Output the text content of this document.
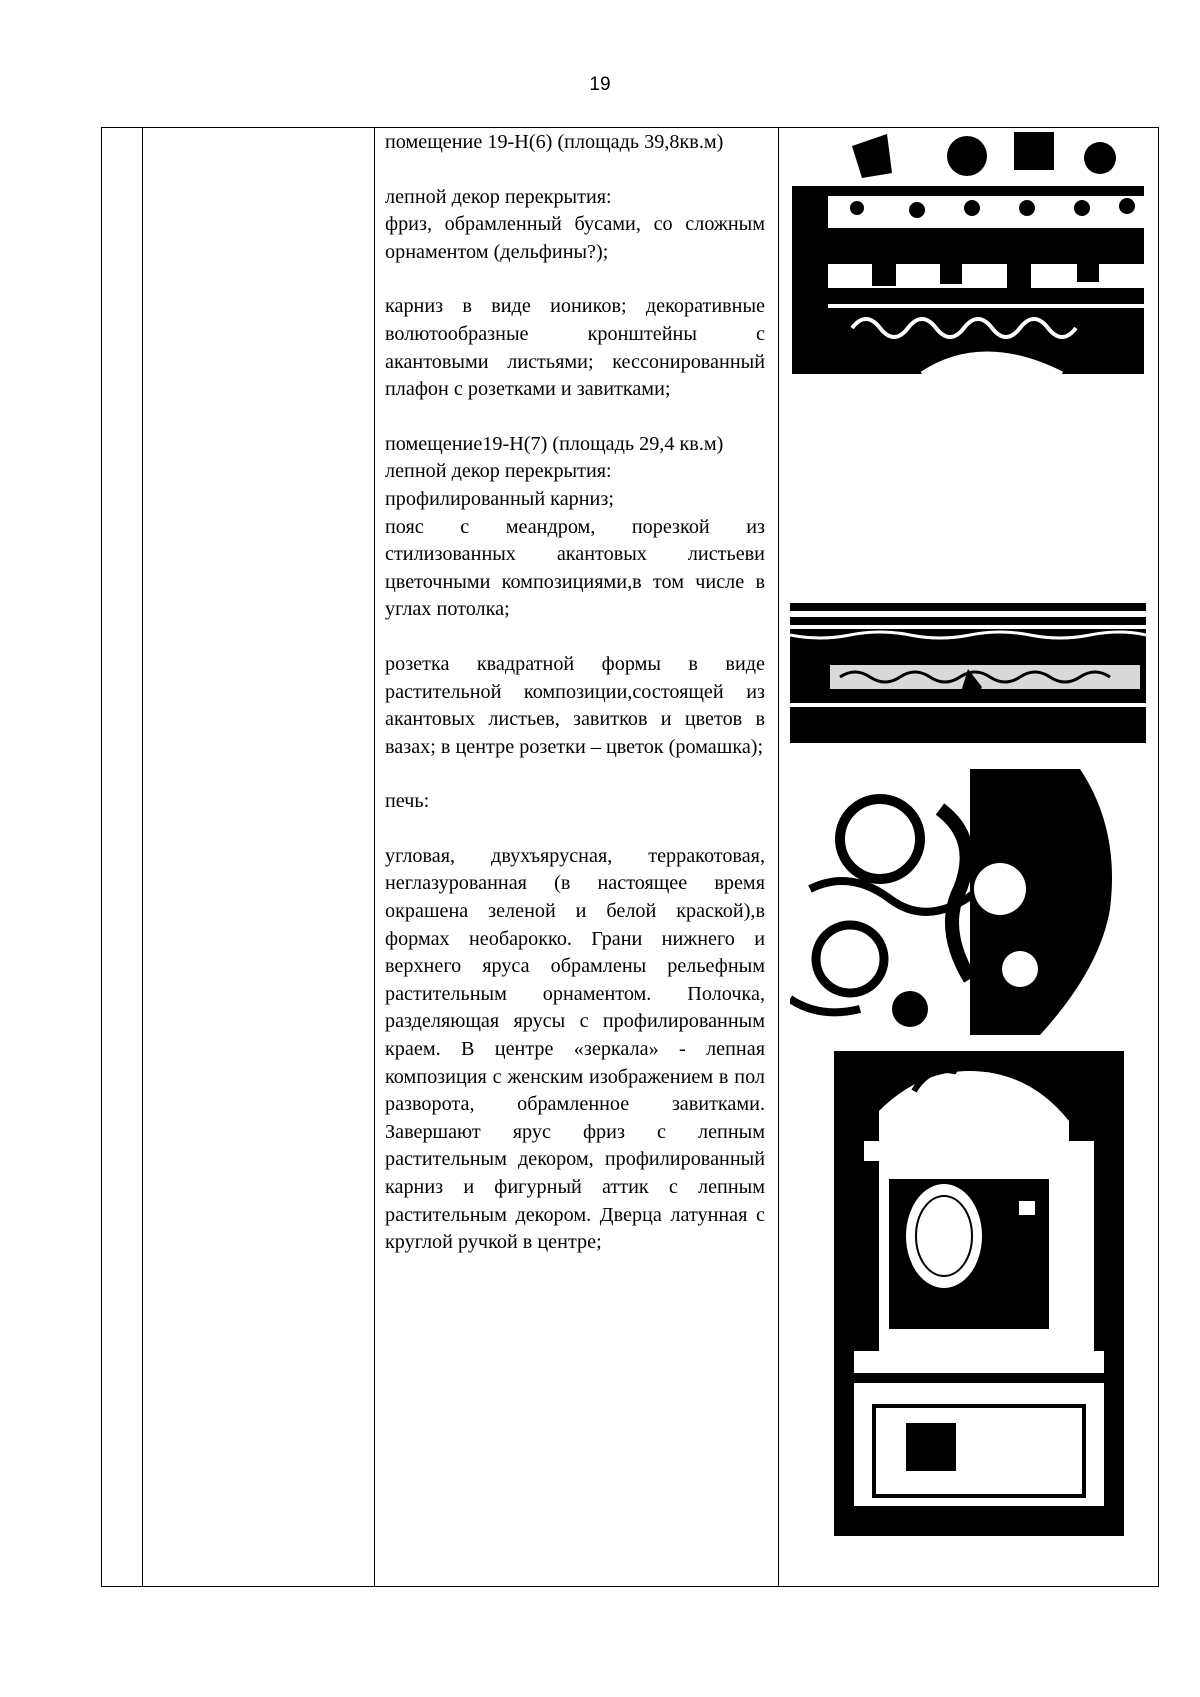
19

помещение 19-Н(6) (площадь 39,8кв.м)

лепной декор перекрытия:

фриз, обрамленный бусами, со сложным орнаментом (дельфины?);

карниз в виде иоников; декоративные волютообразные кронштейны с акантовыми листьями; кессонированный плафон с розетками и завитками;

помещение19-Н(7) (площадь 29,4 кв.м)

лепной декор перекрытия:

профилированный карниз;

пояс с меандром, порезкой из стилизованных акантовых листьеви цветочными композициями,в том числе в углах потолка;

розетка квадратной формы в виде растительной композиции,состоящей из акантовых листьев, завитков и цветов в вазах; в центре розетки – цветок (ромашка);

печь:

угловая, двухъярусная, терракотовая, неглазурованная (в настоящее время окрашена зеленой и белой краской),в формах необарокко. Грани нижнего и верхнего яруса обрамлены рельефным растительным орнаментом. Полочка, разделяющая ярусы с профилированным краем. В центре «зеркала» - лепная композиция с женским изображением в пол разворота, обрамленное завитками. Завершают ярус фриз с лепным растительным декором, профилированный карниз и фигурный аттик с лепным растительным декором. Дверца латунная с круглой ручкой в центре;
